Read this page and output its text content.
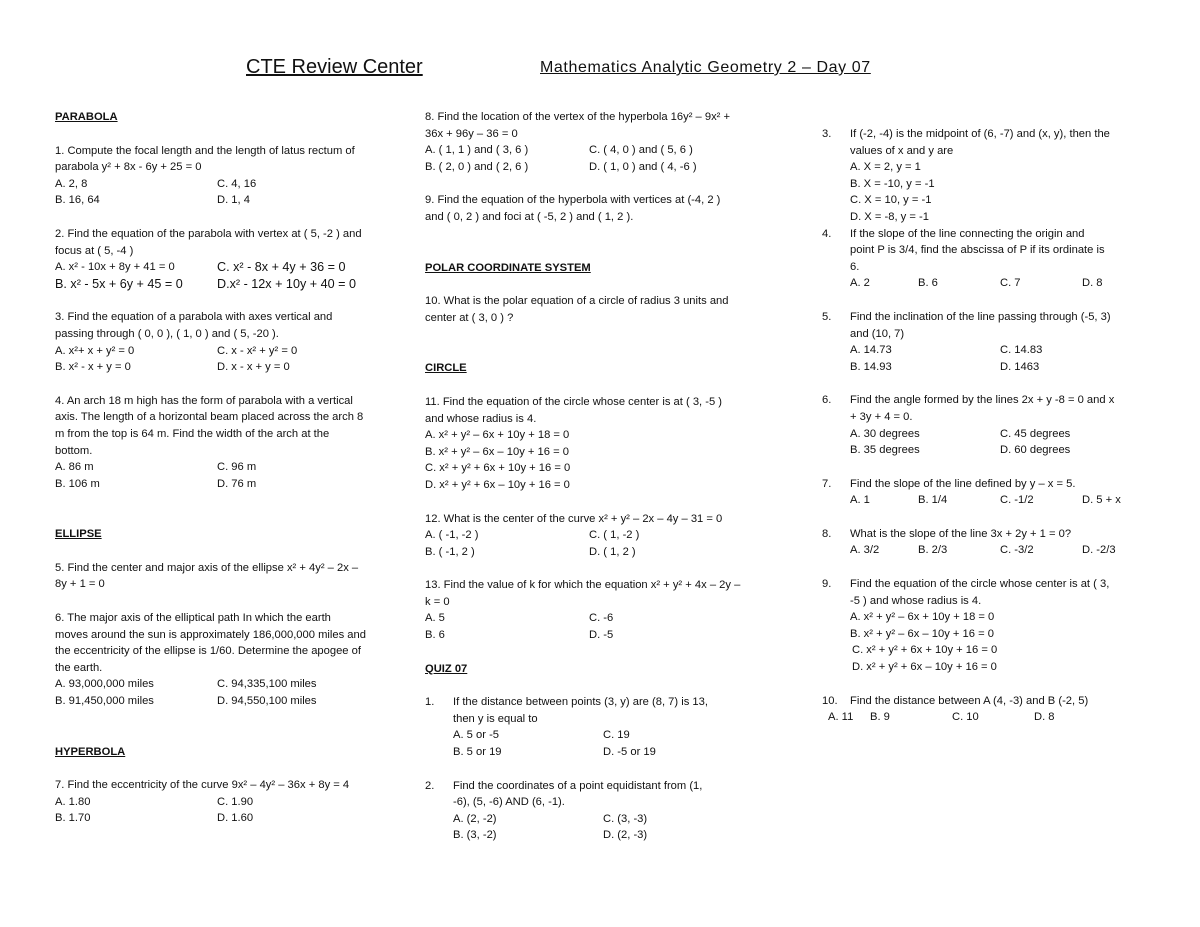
CTE Review Center	Mathematics Analytic Geometry 2 – Day 07

PARABOLA

1. Compute the focal length and the length of latus rectum of

parabola y² + 8x - 6y + 25 = 0

A. 2, 8	C. 4, 16
B. 16, 64	D. 1, 4

2. Find the equation of the parabola with vertex at ( 5, -2 ) and

focus at ( 5, -4 )

A. x² - 10x + 8y + 41 = 0	C. x² - 8x + 4y + 36 = 0
B. x² - 5x + 6y + 45 = 0	D.x² - 12x + 10y + 40 = 0

3. Find the equation of a parabola with axes vertical and

passing through ( 0, 0 ), ( 1, 0 ) and ( 5, -20 ).

A. x²+ x + y² = 0	C. x - x² + y² = 0
B. x² - x + y = 0	D. x - x + y = 0

4. An arch 18 m high has the form of parabola with a vertical

axis. The length of a horizontal beam placed across the arch 8

m from the top is 64 m. Find the width of the arch at the

bottom.

A. 86 m	C. 96 m
B. 106 m	D. 76 m

ELLIPSE

5. Find the center and major axis of the ellipse x² + 4y² – 2x –

8y + 1 = 0

6. The major axis of the elliptical path In which the earth

moves around the sun is approximately 186,000,000 miles and

the eccentricity of the ellipse is 1/60. Determine the apogee of

the earth.

A. 93,000,000 miles	C. 94,335,100 miles
B. 91,450,000 miles	D. 94,550,100 miles

HYPERBOLA

7. Find the eccentricity of the curve 9x² – 4y² – 36x + 8y = 4

A. 1.80	C. 1.90
B. 1.70	D. 1.60

8. Find the location of the vertex of the hyperbola 16y² – 9x² +

36x + 96y – 36 = 0

A. ( 1, 1 ) and ( 3, 6 )	C. ( 4, 0 ) and ( 5, 6 )
B. ( 2, 0 ) and ( 2, 6 )	D. ( 1, 0 ) and ( 4, -6 )

9. Find the equation of the hyperbola with vertices at (-4, 2 )

and ( 0, 2 ) and foci at ( -5, 2 ) and ( 1, 2 ).

POLAR COORDINATE SYSTEM

10. What is the polar equation of a circle of radius 3 units and

center at ( 3, 0 ) ?

CIRCLE

11. Find the equation of the circle whose center is at ( 3, -5 )

and whose radius is 4.

A. x² + y² – 6x + 10y + 18 = 0

B. x² + y² – 6x – 10y + 16 = 0

C. x² + y² + 6x + 10y + 16 = 0

D. x² + y² + 6x – 10y + 16 = 0

12. What is the center of the curve x² + y² – 2x – 4y – 31 = 0

A. ( -1, -2 )	C. ( 1, -2 )
B. ( -1, 2 )	D. ( 1, 2 )

13. Find the value of k for which the equation x² + y² + 4x – 2y –

k = 0

A. 5	C. -6
B. 6	D. -5

QUIZ 07

1.	If the distance between points (3, y) are (8, 7) is 13,
then y is equal to
A. 5 or -5	C. 19
B. 5 or 19	D. -5 or 19
2.	Find the coordinates of a point equidistant from (1,
-6), (5, -6) AND (6, -1).
A. (2, -2)	C. (3, -3)
B. (3, -2)	D. (2, -3)
3.	If (-2, -4) is the midpoint of (6, -7) and (x, y), then the
values of x and y are
A. X = 2, y = 1
B. X = -10, y = -1
C. X = 10, y = -1
D. X = -8, y = -1
4.	If the slope of the line connecting the origin and
point P is 3/4, find the abscissa of P if its ordinate is
6.
A. 2	B. 6	C. 7	D. 8
5.	Find the inclination of the line passing through (-5, 3)
and (10, 7)
A. 14.73	C. 14.83
B. 14.93	D. 1463
6.	Find the angle formed by the lines 2x + y -8 = 0 and x
+ 3y + 4 = 0.
A. 30 degrees	C. 45 degrees
B. 35 degrees	D. 60 degrees
7.	Find the slope of the line defined by y – x = 5.
A. 1	B. 1/4	C. -1/2	D. 5 + x
8.	What is the slope of the line 3x + 2y + 1 = 0?
A. 3/2	B. 2/3	C. -3/2	D. -2/3
9.	Find the equation of the circle whose center is at ( 3,
-5 ) and whose radius is 4.
A. x² + y² – 6x + 10y + 18 = 0
B. x² + y² – 6x – 10y + 16 = 0
C. x² + y² + 6x + 10y + 16 = 0
D. x² + y² + 6x – 10y + 16 = 0
10.	Find the distance between A (4, -3) and B (-2, 5)
A. 11	B. 9	C. 10	D. 8
